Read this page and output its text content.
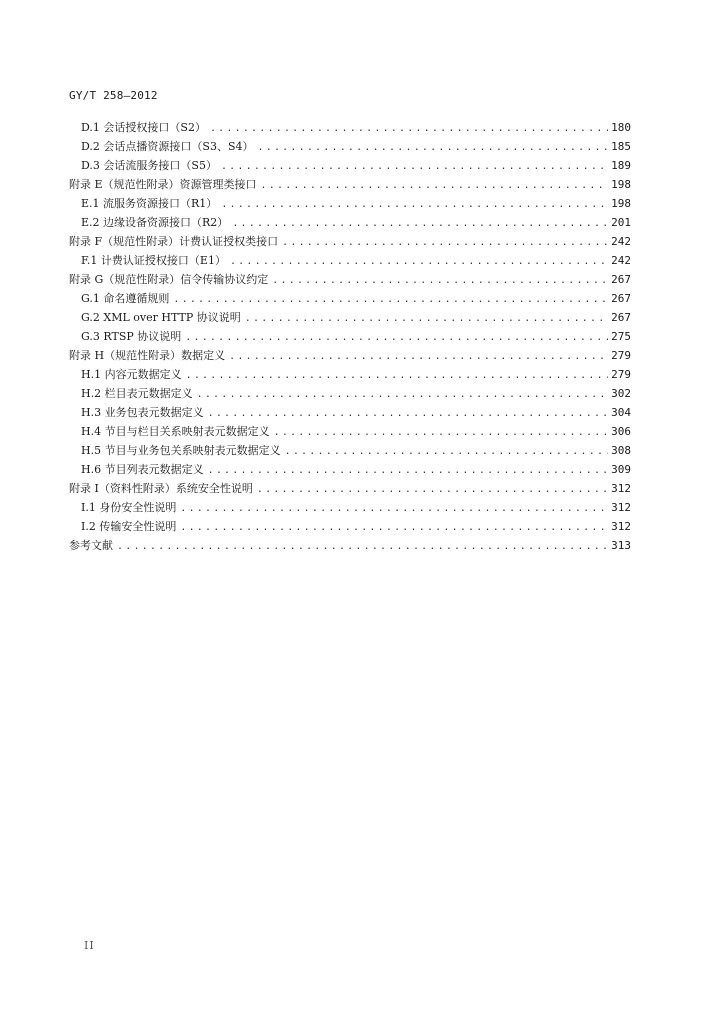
GY/T 258—2012
D.1 会话授权接口（S2） .....	180
D.2 会话点播资源接口（S3、S4） .....	185
D.3 会话流服务接口（S5） .....	189
附录 E（规范性附录）资源管理类接口 .....	198
E.1 流服务资源接口（R1） .....	198
E.2 边缘设备资源接口（R2） .....	201
附录 F（规范性附录）计费认证授权类接口 .....	242
F.1 计费认证授权接口（E1） .....	242
附录 G（规范性附录）信令传输协议约定 .....	267
G.1 命名遵循规则 .....	267
G.2 XML over HTTP 协议说明 .....	267
G.3 RTSP 协议说明 .....	275
附录 H（规范性附录）数据定义 .....	279
H.1 内容元数据定义 .....	279
H.2 栏目表元数据定义 .....	302
H.3 业务包表元数据定义 .....	304
H.4 节目与栏目关系映射表元数据定义 .....	306
H.5 节目与业务包关系映射表元数据定义 .....	308
H.6 节目列表元数据定义 .....	309
附录 I（资料性附录）系统安全性说明 .....	312
I.1 身份安全性说明 .....	312
I.2 传输安全性说明 .....	312
参考文献 .....	313
II
